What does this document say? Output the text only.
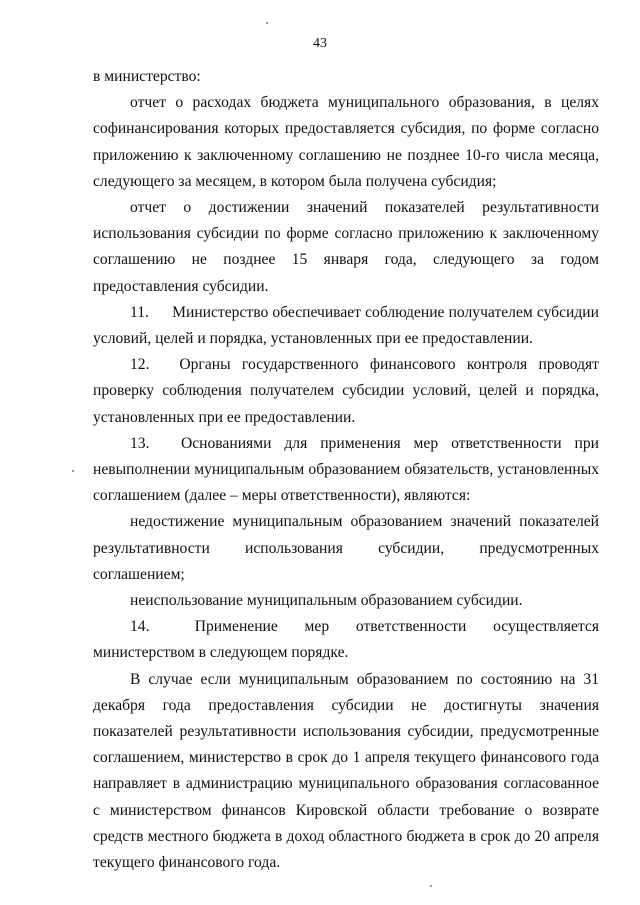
43

в министерство:

отчет о расходах бюджета муниципального образования, в целях софинансирования которых предоставляется субсидия, по форме согласно приложению к заключенному соглашению не позднее 10-го числа месяца, следующего за месяцем, в котором была получена субсидия;

отчет о достижении значений показателей результативности использования субсидии по форме согласно приложению к заключенному соглашению не позднее 15 января года, следующего за годом предоставления субсидии.

11. Министерство обеспечивает соблюдение получателем субсидии условий, целей и порядка, установленных при ее предоставлении.

12. Органы государственного финансового контроля проводят проверку соблюдения получателем субсидии условий, целей и порядка, установленных при ее предоставлении.

13. Основаниями для применения мер ответственности при невыполнении муниципальным образованием обязательств, установленных соглашением (далее – меры ответственности), являются:

недостижение муниципальным образованием значений показателей результативности использования субсидии, предусмотренных соглашением;

неиспользование муниципальным образованием субсидии.

14.	Применение мер ответственности осуществляется министерством в следующем порядке.

В случае если муниципальным образованием по состоянию на 31 декабря года предоставления субсидии не достигнуты значения показателей результативности использования субсидии, предусмотренные соглашением, министерство в срок до 1 апреля текущего финансового года направляет в администрацию муниципального образования согласованное с министерством финансов Кировской области требование о возврате средств местного бюджета в доход областного бюджета в срок до 20 апреля текущего финансового года.
